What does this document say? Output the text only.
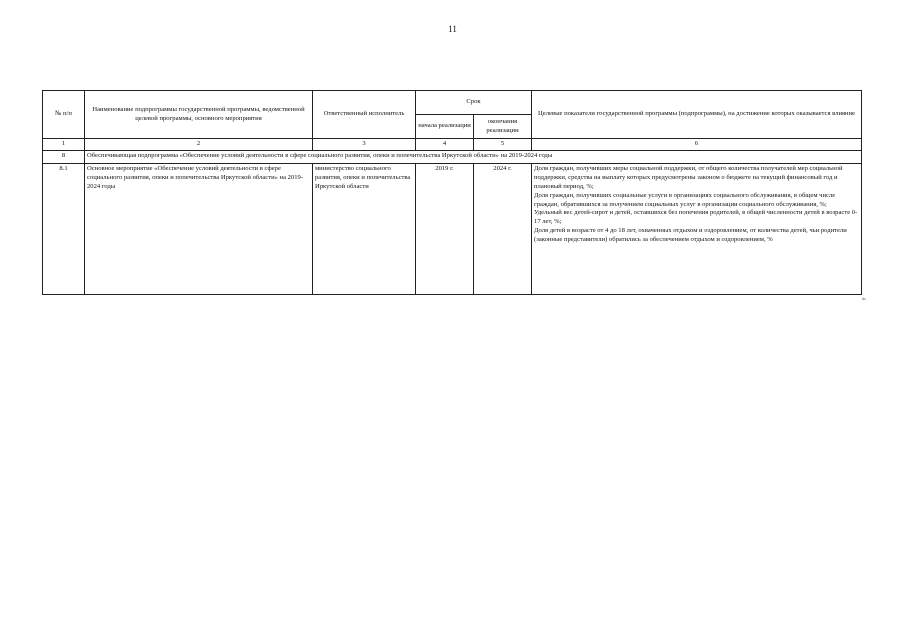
11
№ п/п	Наименование подпрограммы государственной программы, ведомственной целевой программы, основного мероприятия	Ответственный исполнитель	Срок		Целевые показатели государственной программы (подпрограммы), на достижение которых оказывается влияние
			начала реализации	окончания реализации	
1	2	3	4	5	6
8	Обеспечивающая подпрограмма «Обеспечение условий деятельности в сфере социального развития, опеки и попечительства Иркутской области» на 2019-2024 годы				
8.1	Основное мероприятие «Обеспечение условий деятельности в сфере социального развития, опеки и попечительства Иркутской области» на 2019-2024 годы	министерство социального развития, опеки и попечительства Иркутской области	2019 г.	2024 г.	Доля граждан, получивших меры социальной поддержки, от общего количества получателей мер социальной поддержки, средства на выплату которых предусмотрены законом о бюджете на текущий финансовый год и плановый период, %;
Доля граждан, получивших социальные услуги в организациях социального обслуживания, в общем числе граждан, обратившихся за получением социальных услуг в организации социального обслуживания, %;
Удельный вес детей-сирот и детей, оставшихся без попечения родителей, в общей численности детей в возрасте 0-17 лет, %;
Доля детей в возрасте от 4 до 18 лет, охваченных отдыхом и оздоровлением, от количества детей, чьи родители (законные представители) обратились за обеспечением отдыхом и оздоровлением, %
».
